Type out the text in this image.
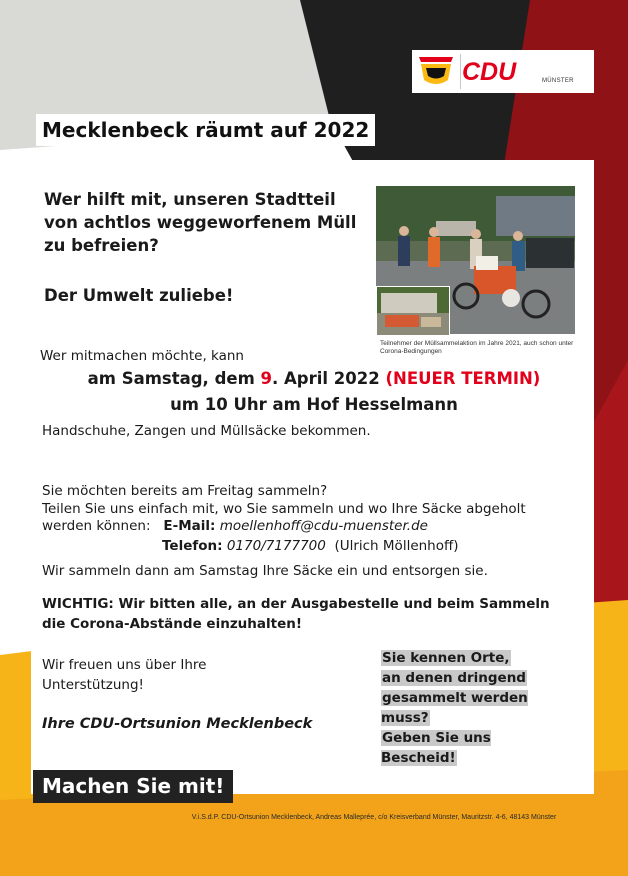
CDU	MÜNSTER
Mecklenbeck räumt auf 2022
Wer hilft mit, unseren Stadtteil von achtlos weggeworfenem Müll zu befreien?
Der Umwelt zuliebe!
Teilnehmer der Müllsammelaktion im Jahre 2021, auch schon unter Corona-Bedingungen
Wer mitmachen möchte, kann
am Samstag, dem 9. April 2022 (NEUER TERMIN)
um 10 Uhr am Hof Hesselmann
Handschuhe, Zangen und Müllsäcke bekommen.
Sie möchten bereits am Freitag sammeln?
Teilen Sie uns einfach mit, wo Sie sammeln und wo Ihre Säcke abgeholt
werden können: E-Mail: moellenhoff@cdu-muenster.de
Telefon: 0170/7177700 (Ulrich Möllenhoff)
Wir sammeln dann am Samstag Ihre Säcke ein und entsorgen sie.
WICHTIG: Wir bitten alle, an der Ausgabestelle und beim Sammeln die Corona-Abstände einzuhalten!
Wir freuen uns über Ihre Unterstützung!
Sie kennen Orte,
an denen dringend
gesammelt werden muss?
Geben Sie uns Bescheid!
Ihre CDU-Ortsunion Mecklenbeck
Machen Sie mit!
V.i.S.d.P. CDU-Ortsunion Mecklenbeck, Andreas Malleprée, c/o Kreisverband Münster, Mauritzstr. 4-6, 48143 Münster
